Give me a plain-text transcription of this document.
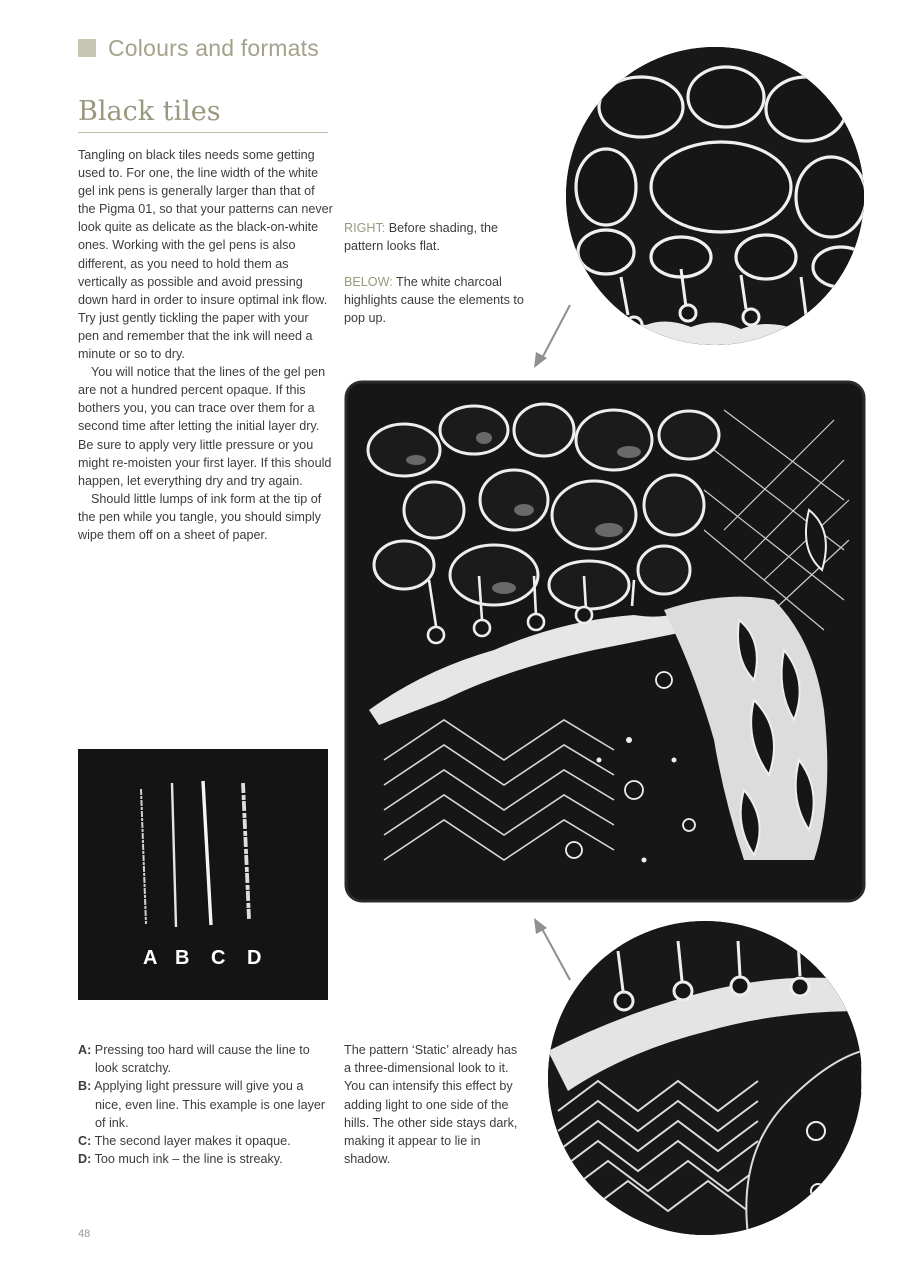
Colours and formats
Black tiles

Tangling on black tiles needs some getting used to. For one, the line width of the white gel ink pens is generally larger than that of the Pigma 01, so that your patterns can never look quite as delicate as the black-on-white ones. Working with the gel pens is also different, as you need to hold them as vertically as possible and avoid pressing down hard in order to insure optimal ink flow. Try just gently tickling the paper with your pen and remember that the ink will need a minute or so to dry.

You will notice that the lines of the gel pen are not a hundred percent opaque. If this bothers you, you can trace over them for a second time after letting the initial layer dry. Be sure to apply very little pressure or you might re-moisten your first layer. If this should happen, let everything dry and try again.

Should little lumps of ink form at the tip of the pen while you tangle, you should simply wipe them off on a sheet of paper.

RIGHT: Before shading, the pattern looks flat.
BELOW: The white charcoal highlights cause the elements to pop up.
The pattern ‘Static’ already has a three-dimensional look to it. You can intensify this effect by adding light to one side of the hills. The other side stays dark, making it appear to lie in shadow.
A B C D
A: Pressing too hard will cause the line to look scratchy.
B: Applying light pressure will give you a nice, even line. This example is one layer of ink.
C: The second layer makes it opaque.
D: Too much ink – the line is streaky.
48
